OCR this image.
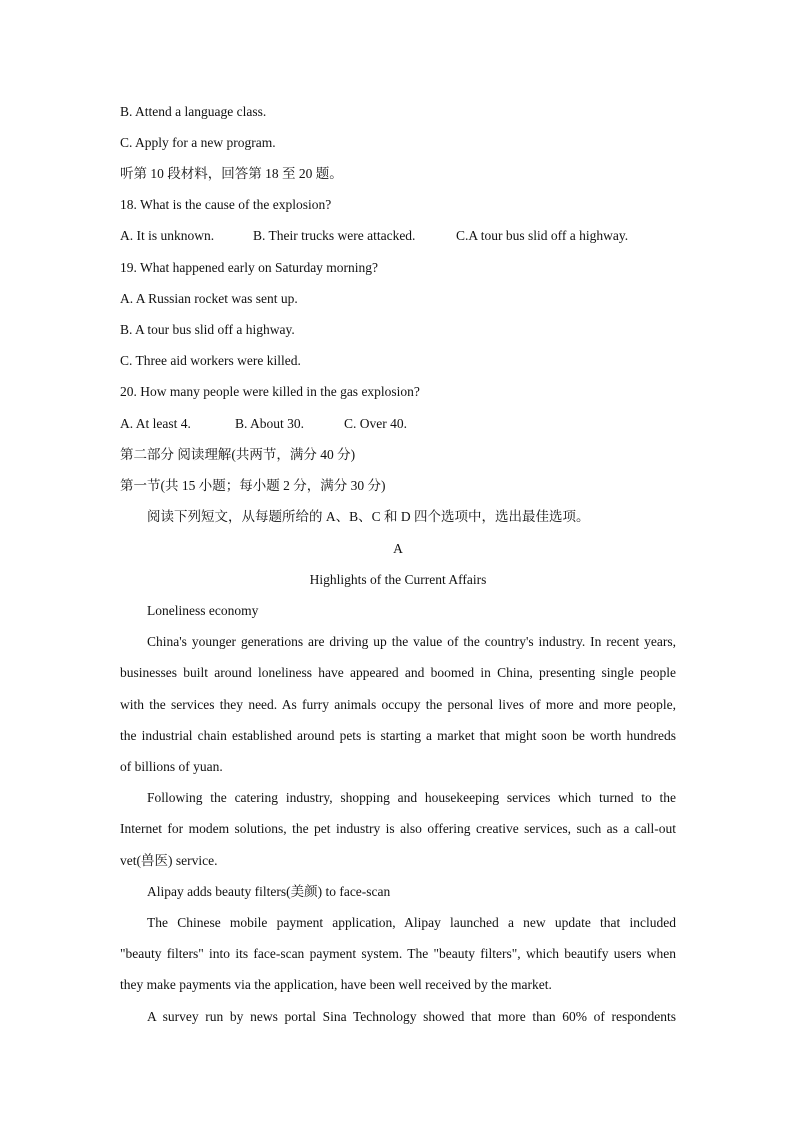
B. Attend a language class.
C. Apply for a new program.
听第 10 段材料，回答第 18 至 20 题。
18. What is the cause of the explosion?
A. It is unknown.	B. Their trucks were attacked.	C.A tour bus slid off a highway.
19. What happened early on Saturday morning?
A. A Russian rocket was sent up.
B. A tour bus slid off a highway.
C. Three aid workers were killed.
20. How many people were killed in the gas explosion?
A. At least 4.	B. About 30.	C. Over 40.
第二部分 阅读理解(共两节，满分 40 分)
第一节(共 15 小题；每小题 2 分，满分 30 分)
阅读下列短文，从每题所给的 A、B、C 和 D 四个选项中，选出最佳选项。
A
Highlights of the Current Affairs
Loneliness economy
China's younger generations are driving up the value of the country's industry. In recent years,
businesses built around loneliness have appeared and boomed in China, presenting single people
with the services they need. As furry animals occupy the personal lives of more and more people,
the industrial chain established around pets is starting a market that might soon be worth hundreds
of billions of yuan.
Following the catering industry, shopping and housekeeping services which turned to the
Internet for modem solutions, the pet industry is also offering creative services, such as a call-out
vet(兽医) service.
Alipay adds beauty filters(美颜) to face-scan
The Chinese mobile payment application, Alipay launched a new update that included
"beauty filters" into its face-scan payment system. The "beauty filters", which beautify users when
they make payments via the application, have been well received by the market.
A survey run by news portal Sina Technology showed that more than 60% of respondents
